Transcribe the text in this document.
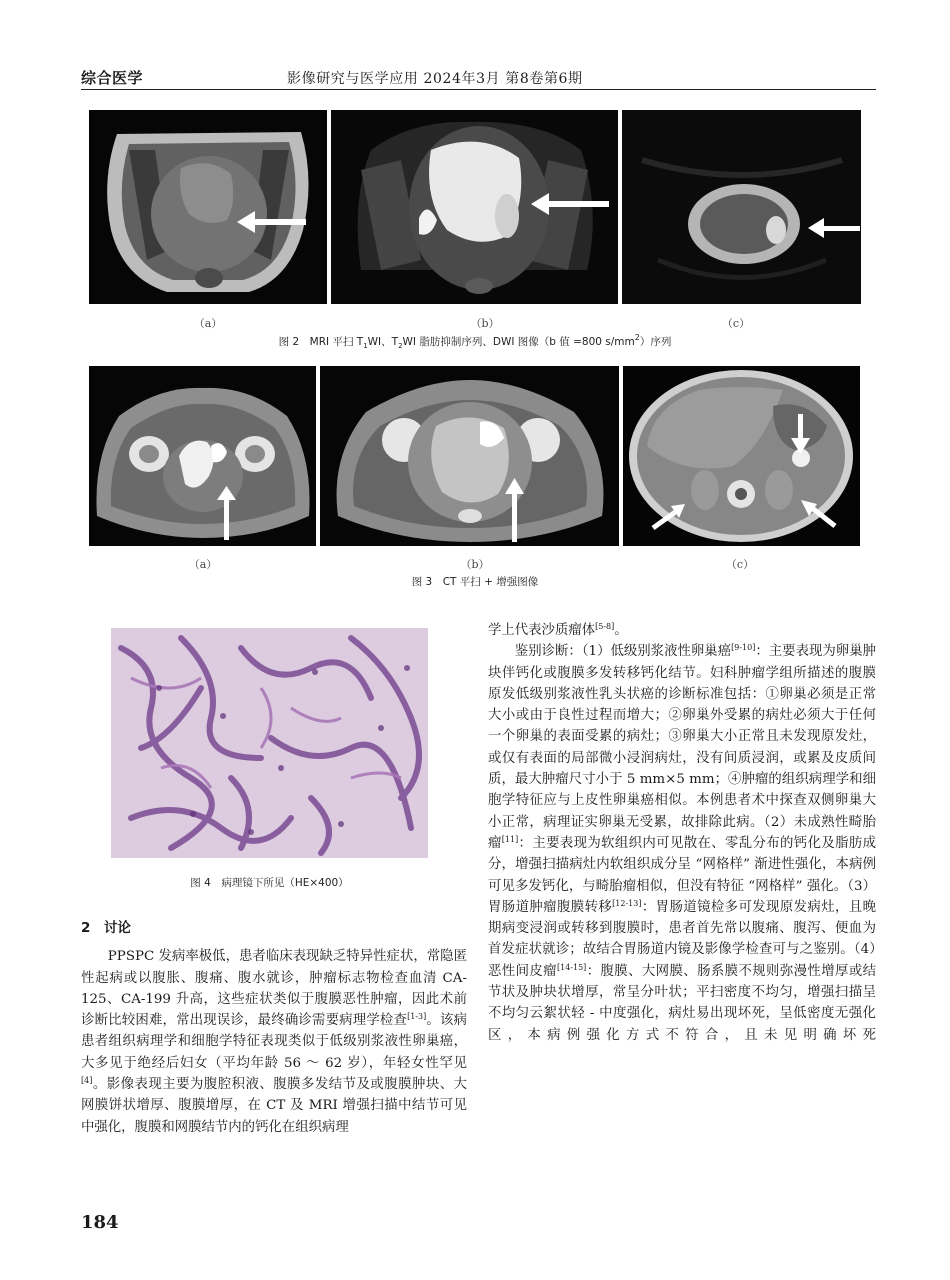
综合医学	影像研究与医学应用 2024年3月 第8卷第6期
（a）	（b）	（c）
图 2　MRI 平扫 $T_1WI$、$T_2WI$ 脂肪抑制序列、DWI 图像（b 值 =800 $s/mm^2$）序列
（a）	（b）	（c）
图 3　CT 平扫 + 增强图像
图 4　病理镜下所见（HE×400）

2　讨论

PPSPC 发病率极低，患者临床表现缺乏特异性症状，常隐匿性起病或以腹胀、腹痛、腹水就诊，肿瘤标志物检查血清 CA-125、CA-199 升高，这些症状类似于腹膜恶性肿瘤，因此术前诊断比较困难，常出现误诊，最终确诊需要病理学检查[1-3]。该病患者组织病理学和细胞学特征表现类似于低级别浆液性卵巢癌，大多见于绝经后妇女（平均年龄 56 ～ 62 岁），年轻女性罕见[4]。影像表现主要为腹腔积液、腹膜多发结节及或腹膜肿块、大网膜饼状增厚、腹膜增厚，在 CT 及 MRI 增强扫描中结节可见中强化，腹膜和网膜结节内的钙化在组织病理

学上代表沙质瘤体[5-8]。

鉴别诊断：（1）低级别浆液性卵巢癌[9-10]：主要表现为卵巢肿块伴钙化或腹膜多发转移钙化结节。妇科肿瘤学组所描述的腹膜原发低级别浆液性乳头状癌的诊断标准包括：①卵巢必须是正常大小或由于良性过程而增大；②卵巢外受累的病灶必须大于任何一个卵巢的表面受累的病灶；③卵巢大小正常且未发现原发灶，或仅有表面的局部微小浸润病灶，没有间质浸润，或累及皮质间质，最大肿瘤尺寸小于 5 mm×5 mm；④肿瘤的组织病理学和细胞学特征应与上皮性卵巢癌相似。本例患者术中探查双侧卵巢大小正常，病理证实卵巢无受累，故排除此病。（2）未成熟性畸胎瘤[11]：主要表现为软组织内可见散在、零乱分布的钙化及脂肪成分，增强扫描病灶内软组织成分呈 “网格样” 渐进性强化，本病例可见多发钙化，与畸胎瘤相似，但没有特征 “网格样” 强化。（3）胃肠道肿瘤腹膜转移[12-13]：胃肠道镜检多可发现原发病灶，且晚期病变浸润或转移到腹膜时，患者首先常以腹痛、腹泻、便血为首发症状就诊；故结合胃肠道内镜及影像学检查可与之鉴别。（4）恶性间皮瘤[14-15]：腹膜、大网膜、肠系膜不规则弥漫性增厚或结节状及肿块状增厚，常呈分叶状；平扫密度不均匀，增强扫描呈不均匀云絮状轻 - 中度强化，病灶易出现坏死，呈低密度无强化区，本病例强化方式不符合，且未见明确坏死

184
